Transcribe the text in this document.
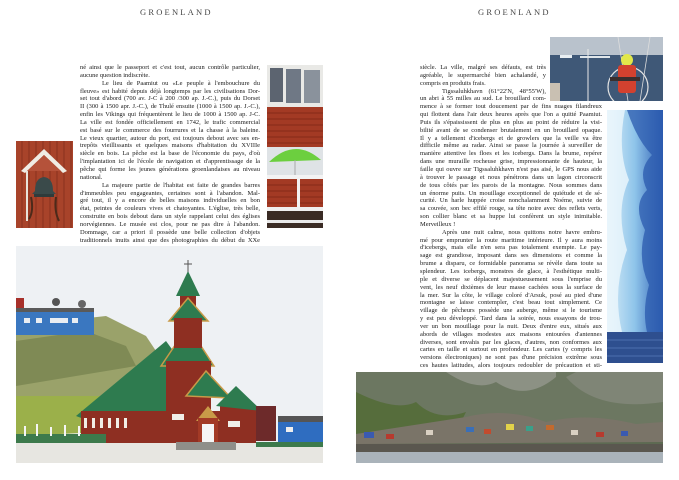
GROENLAND
né ainsi que le passeport et c'est tout, aucun contrôle particulier,
aucune question indiscrète.
Le lieu de Paamiut ou «Le peuple à l'embouchure du
fleuve» est habité depuis déjà longtemps par les civilisations Dor-
set tout d'abord (700 av. J-C à 200 /300 ap. J.-C.), puis du Dorset
II (300 à 1500 apr. J.-C.), de Thulé ensuite (1000 à 1500 ap. J.-C.),
enfin les Vikings qui fréquentèrent le lieu de 1000 à 1500 ap. J-C.
La ville est fondée officiellement en 1742, le trafic commercial
est basé sur le commerce des fourrures et la chasse à la baleine.
Le vieux quartier, autour du port, est toujours debout avec ses en-
trepôts vieillissants et quelques maisons d'habitation du XVIIIe
siècle en bois. La pêche est la base de l'économie du pays, d'où
l'implantation ici de l'école de navigation et d'apprentissage de la
pêche qui forme les jeunes générations groenlandaises au niveau
national.
La majeure partie de l'habitat est faite de grandes barres
d'immeubles peu engageantes, certaines sont à l'abandon. Mal-
gré tout, il y a encore de belles maisons individuelles en bon
état, peintes de couleurs vives et chatoyantes. L'église, très belle,
construite en bois debout dans un style rappelant celui des églises
norvégiennes. Le musée est clos, pour ne pas dire à l'abandon.
Dommage, car a priori il possède une belle collection d'objets
traditionnels inuits ainsi que des photographies du début du XXe
GROENLAND
siècle. La ville, malgré ses défauts, est très
agréable, le supermarché bien achalandé, y
compris en produits frais.
Tigssaluhkhavn (61°22'N, 48°55'W),
un abri à 55 milles au sud. Le brouillard com-
mence à se former tout doucement par de fins nuages filandreux
qui flottent dans l'air deux heures après que l'on a quitté Paamiut.
Puis ils s'épaississent de plus en plus au point de réduire la visi-
bilité avant de se condenser brutalement en un brouillard opaque.
Il y a tellement d'icebergs et de growlers que la veille va être
difficile même au radar. Ainsi se passe la journée à surveiller de
manière attentive les floes et les icebergs. Dans la brume, repérer
dans une muraille rocheuse grise, impressionnante de hauteur, la
faille qui ouvre sur Tigssaluhkhavn n'est pas aisé, le GPS nous aide
à trouver le passage et nous pénétrons dans un lagon circonscrit
de tous côtés par les parois de la montagne. Nous sommes dans
un énorme puits. Un mouillage exceptionnel de quiétude et de sé-
curité. Un harle huppée croise nonchalamment Noéme, suivie de
sa couvée, son bec effilé rouge, sa tête noire avec des reflets verts,
son collier blanc et sa huppe lui confèrent un style inimitable.
Merveilleux !
Après une nuit calme, nous quittons notre havre embru-
mé pour emprunter la route maritime intérieure. Il y aura moins
d'icebergs, mais elle n'en sera pas totalement exempte. Le pay-
sage est grandiose, imposant dans ses dimensions et comme la
brume a disparu, ce formidable panorama se révèle dans toute sa
splendeur. Les icebergs, monstres de glace, à l'esthétique multi-
ple et diverse se déplacent majestueusement sous l'emprise du
vent, les neuf dixièmes de leur masse cachées sous la surface de
la mer. Sur la côte, le village coloré d'Arsuk, posé au pied d'une
montagne se laisse contempler, c'est beau tout simplement. Ce
village de pêcheurs possède une auberge, même si le tourisme
y est peu développé. Tard dans la soirée, nous essayons de trou-
ver un bon mouillage pour la nuit. Deux d'entre eux, situés aux
abords de villages modestes aux maisons entourées d'antennes
diverses, sont envahis par les glaces, d'autres, non conformes aux
cartes en taille et surtout en profondeur. Les cartes (y compris les
versions électroniques) ne sont pas d'une précision extrême sous
ces hautes latitudes, alors toujours redoubler de précaution et sti-
